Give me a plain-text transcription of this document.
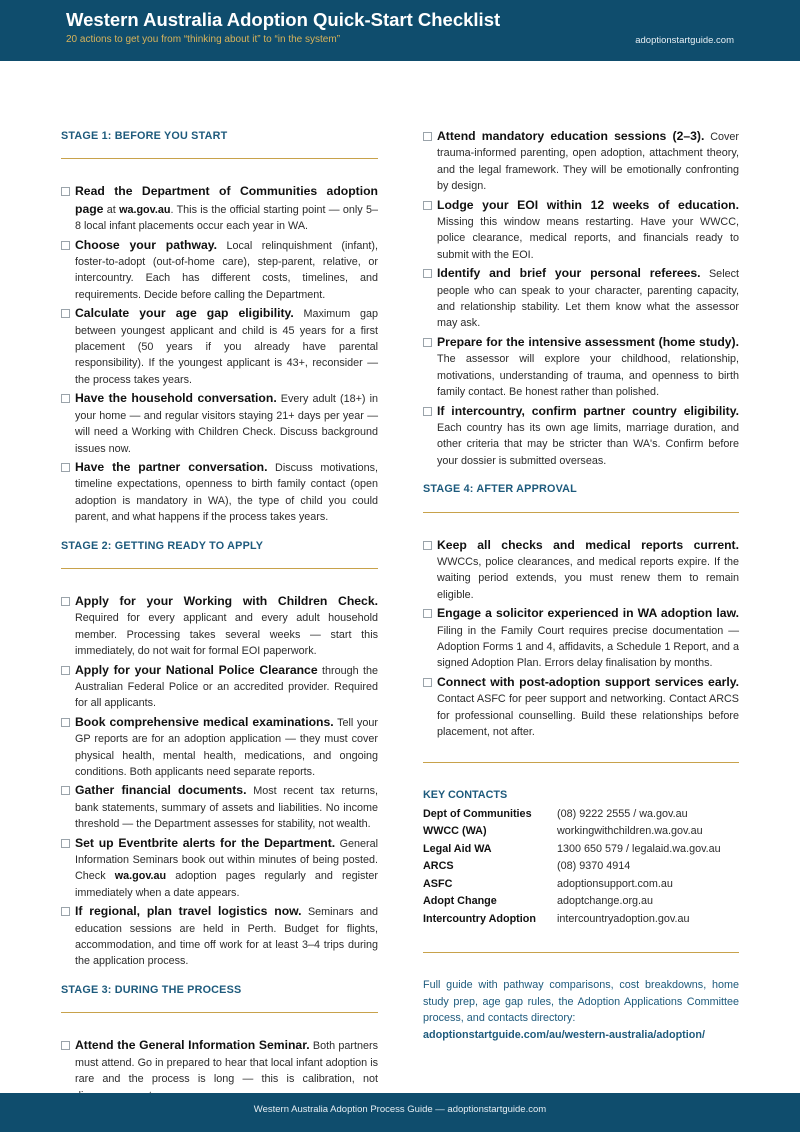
Western Australia Adoption Quick-Start Checklist
20 actions to get you from “thinking about it” to “in the system”	adoptionstartguide.com
STAGE 1: BEFORE YOU START
Read the Department of Communities adoption page at wa.gov.au. This is the official starting point — only 5–8 local infant placements occur each year in WA.
Choose your pathway. Local relinquishment (infant), foster-to-adopt (out-of-home care), step-parent, relative, or intercountry. Each has different costs, timelines, and requirements. Decide before calling the Department.
Calculate your age gap eligibility. Maximum gap between youngest applicant and child is 45 years for a first placement (50 years if you already have parental responsibility). If the youngest applicant is 43+, reconsider — the process takes years.
Have the household conversation. Every adult (18+) in your home — and regular visitors staying 21+ days per year — will need a Working with Children Check. Discuss background issues now.
Have the partner conversation. Discuss motivations, timeline expectations, openness to birth family contact (open adoption is mandatory in WA), the type of child you could parent, and what happens if the process takes years.
STAGE 2: GETTING READY TO APPLY
Apply for your Working with Children Check. Required for every applicant and every adult household member. Processing takes several weeks — start this immediately, do not wait for formal EOI paperwork.
Apply for your National Police Clearance through the Australian Federal Police or an accredited provider. Required for all applicants.
Book comprehensive medical examinations. Tell your GP reports are for an adoption application — they must cover physical health, mental health, medications, and ongoing conditions. Both applicants need separate reports.
Gather financial documents. Most recent tax returns, bank statements, summary of assets and liabilities. No income threshold — the Department assesses for stability, not wealth.
Set up Eventbrite alerts for the Department. General Information Seminars book out within minutes of being posted. Check wa.gov.au adoption pages regularly and register immediately when a date appears.
If regional, plan travel logistics now. Seminars and education sessions are held in Perth. Budget for flights, accommodation, and time off work for at least 3–4 trips during the application process.
STAGE 3: DURING THE PROCESS
Attend the General Information Seminar. Both partners must attend. Go in prepared to hear that local infant adoption is rare and the process is long — this is calibration, not
Attend mandatory education sessions (2–3). Cover trauma-informed parenting, open adoption, attachment theory, and the legal framework. They will be emotionally confronting by design.
Lodge your EOI within 12 weeks of education. Missing this window means restarting. Have your WWCC, police clearance, medical reports, and financials ready to submit with the EOI.
Identify and brief your personal referees. Select people who can speak to your character, parenting capacity, and relationship stability. Let them know what the assessor may ask.
Prepare for the intensive assessment (home study). The assessor will explore your childhood, relationship, motivations, understanding of trauma, and openness to birth family contact. Be honest rather than polished.
If intercountry, confirm partner country eligibility. Each country has its own age limits, marriage duration, and other criteria that may be stricter than WA's. Confirm before your dossier is submitted overseas.
STAGE 4: AFTER APPROVAL
Keep all checks and medical reports current. WWCCs, police clearances, and medical reports expire. If the waiting period extends, you must renew them to remain eligible.
Engage a solicitor experienced in WA adoption law. Filing in the Family Court requires precise documentation — Adoption Forms 1 and 4, affidavits, a Schedule 1 Report, and a signed Adoption Plan. Errors delay finalisation by months.
Connect with post-adoption support services early. Contact ASFC for peer support and networking. Contact ARCS for professional counselling. Build these relationships before placement, not after.
KEY CONTACTS
Dept of Communities	(08) 9222 2555 / wa.gov.au
WWCC (WA)	workingwithchildren.wa.gov.au
Legal Aid WA	1300 650 579 / legalaid.wa.gov.au
ARCS	(08) 9370 4914
ASFC	adoptionsupport.com.au
Adopt Change	adoptchange.org.au
Intercountry Adoption	intercountryadoption.gov.au
Full guide with pathway comparisons, cost breakdowns, home study prep, age gap rules, the Adoption Applications Committee process, and contacts directory:
adoptionstartguide.com/au/western-australia/adoption/
Western Australia Adoption Process Guide — adoptionstartguide.com
